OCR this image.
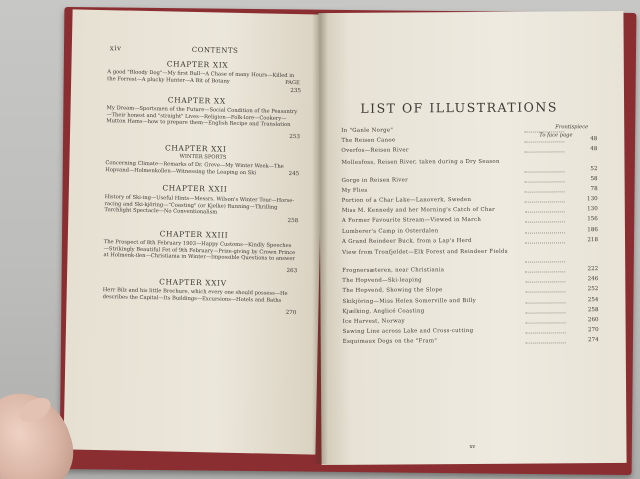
xiv	CONTENTS
CHAPTER XIX
PAGE
A good "Bloody Dog"—My first Bull—A Chase of many Hours—Killed in the Forrest—A plucky Hunter—A Bit of Botany
235
CHAPTER XX
My Dream—Sportsmen of the Future—Social Condition of the Peasantry—Their honest and "straight" Lives—Religion—Folk-lore—Cookery—Mutton Hams—how to prepare them—English Recipe and Translation
253
CHAPTER XXI
WINTER SPORTS
Concerning Climate—Remarks of Dr. Greve—My Winter Week—The Hopvand—Holmenkollen—Witnessing the Leaping on Ski	245
CHAPTER XXII
History of Ski-ing—Useful Hints—Messrs. Wilson's Winter Tour—Horse-racing and Ski-kjöring—"Coasting" (or Kjelke) Running—Thrilling Torchlight Spectacle—No Conventionalism
258
CHAPTER XXIII
The Prospect of 8th February 1903—Happy Customs—Kindly Speeches—Strikingly Beautiful Fet of 9th February—Prize-giving by Crown Prince at Holmenk-ilen—Christiania in Winter—Impossible Questions to answer
263
CHAPTER XXIV
Herr Bilz and his little Brochure, which every one should possess—He describes the Capital—Its Buildings—Excursions—Hotels and Baths
270
LIST OF ILLUSTRATIONS
Frontispiece
To face page
In "Ganle Norge"
The Reisen Canoe	48
Overfos—Reisen River	48
Mollesfoss, Reisen River, taken during a Dry Season
52
Gorge in Reisen River	58
My Flies	78
Portion of a Char Lake—Lanoverk, Sweden	130
Miss M. Kennedy and her Morning's Catch of Char	130
A Former Favourite Stream—Viewed in March	156
Lumberer's Camp in Osterdalen	186
A Grand Reindeer Buck, from a Lap's Herd	218
View from Tronfjeldet—Elk Forest and Reindeer Fields
Frognersæteren, near Christiania	222
The Hopvend—Ski-leaping	246
The Hopvend, Showing the Slope	252
Skikjöring—Miss Helen Somerville and Billy	254
Kjælking, Anglicé Coasting	258
Ice Harvest, Norway	260
Sawing Line across Lake and Cross-cutting	270
Esquimaux Dogs on the "Fram"	274
xv
